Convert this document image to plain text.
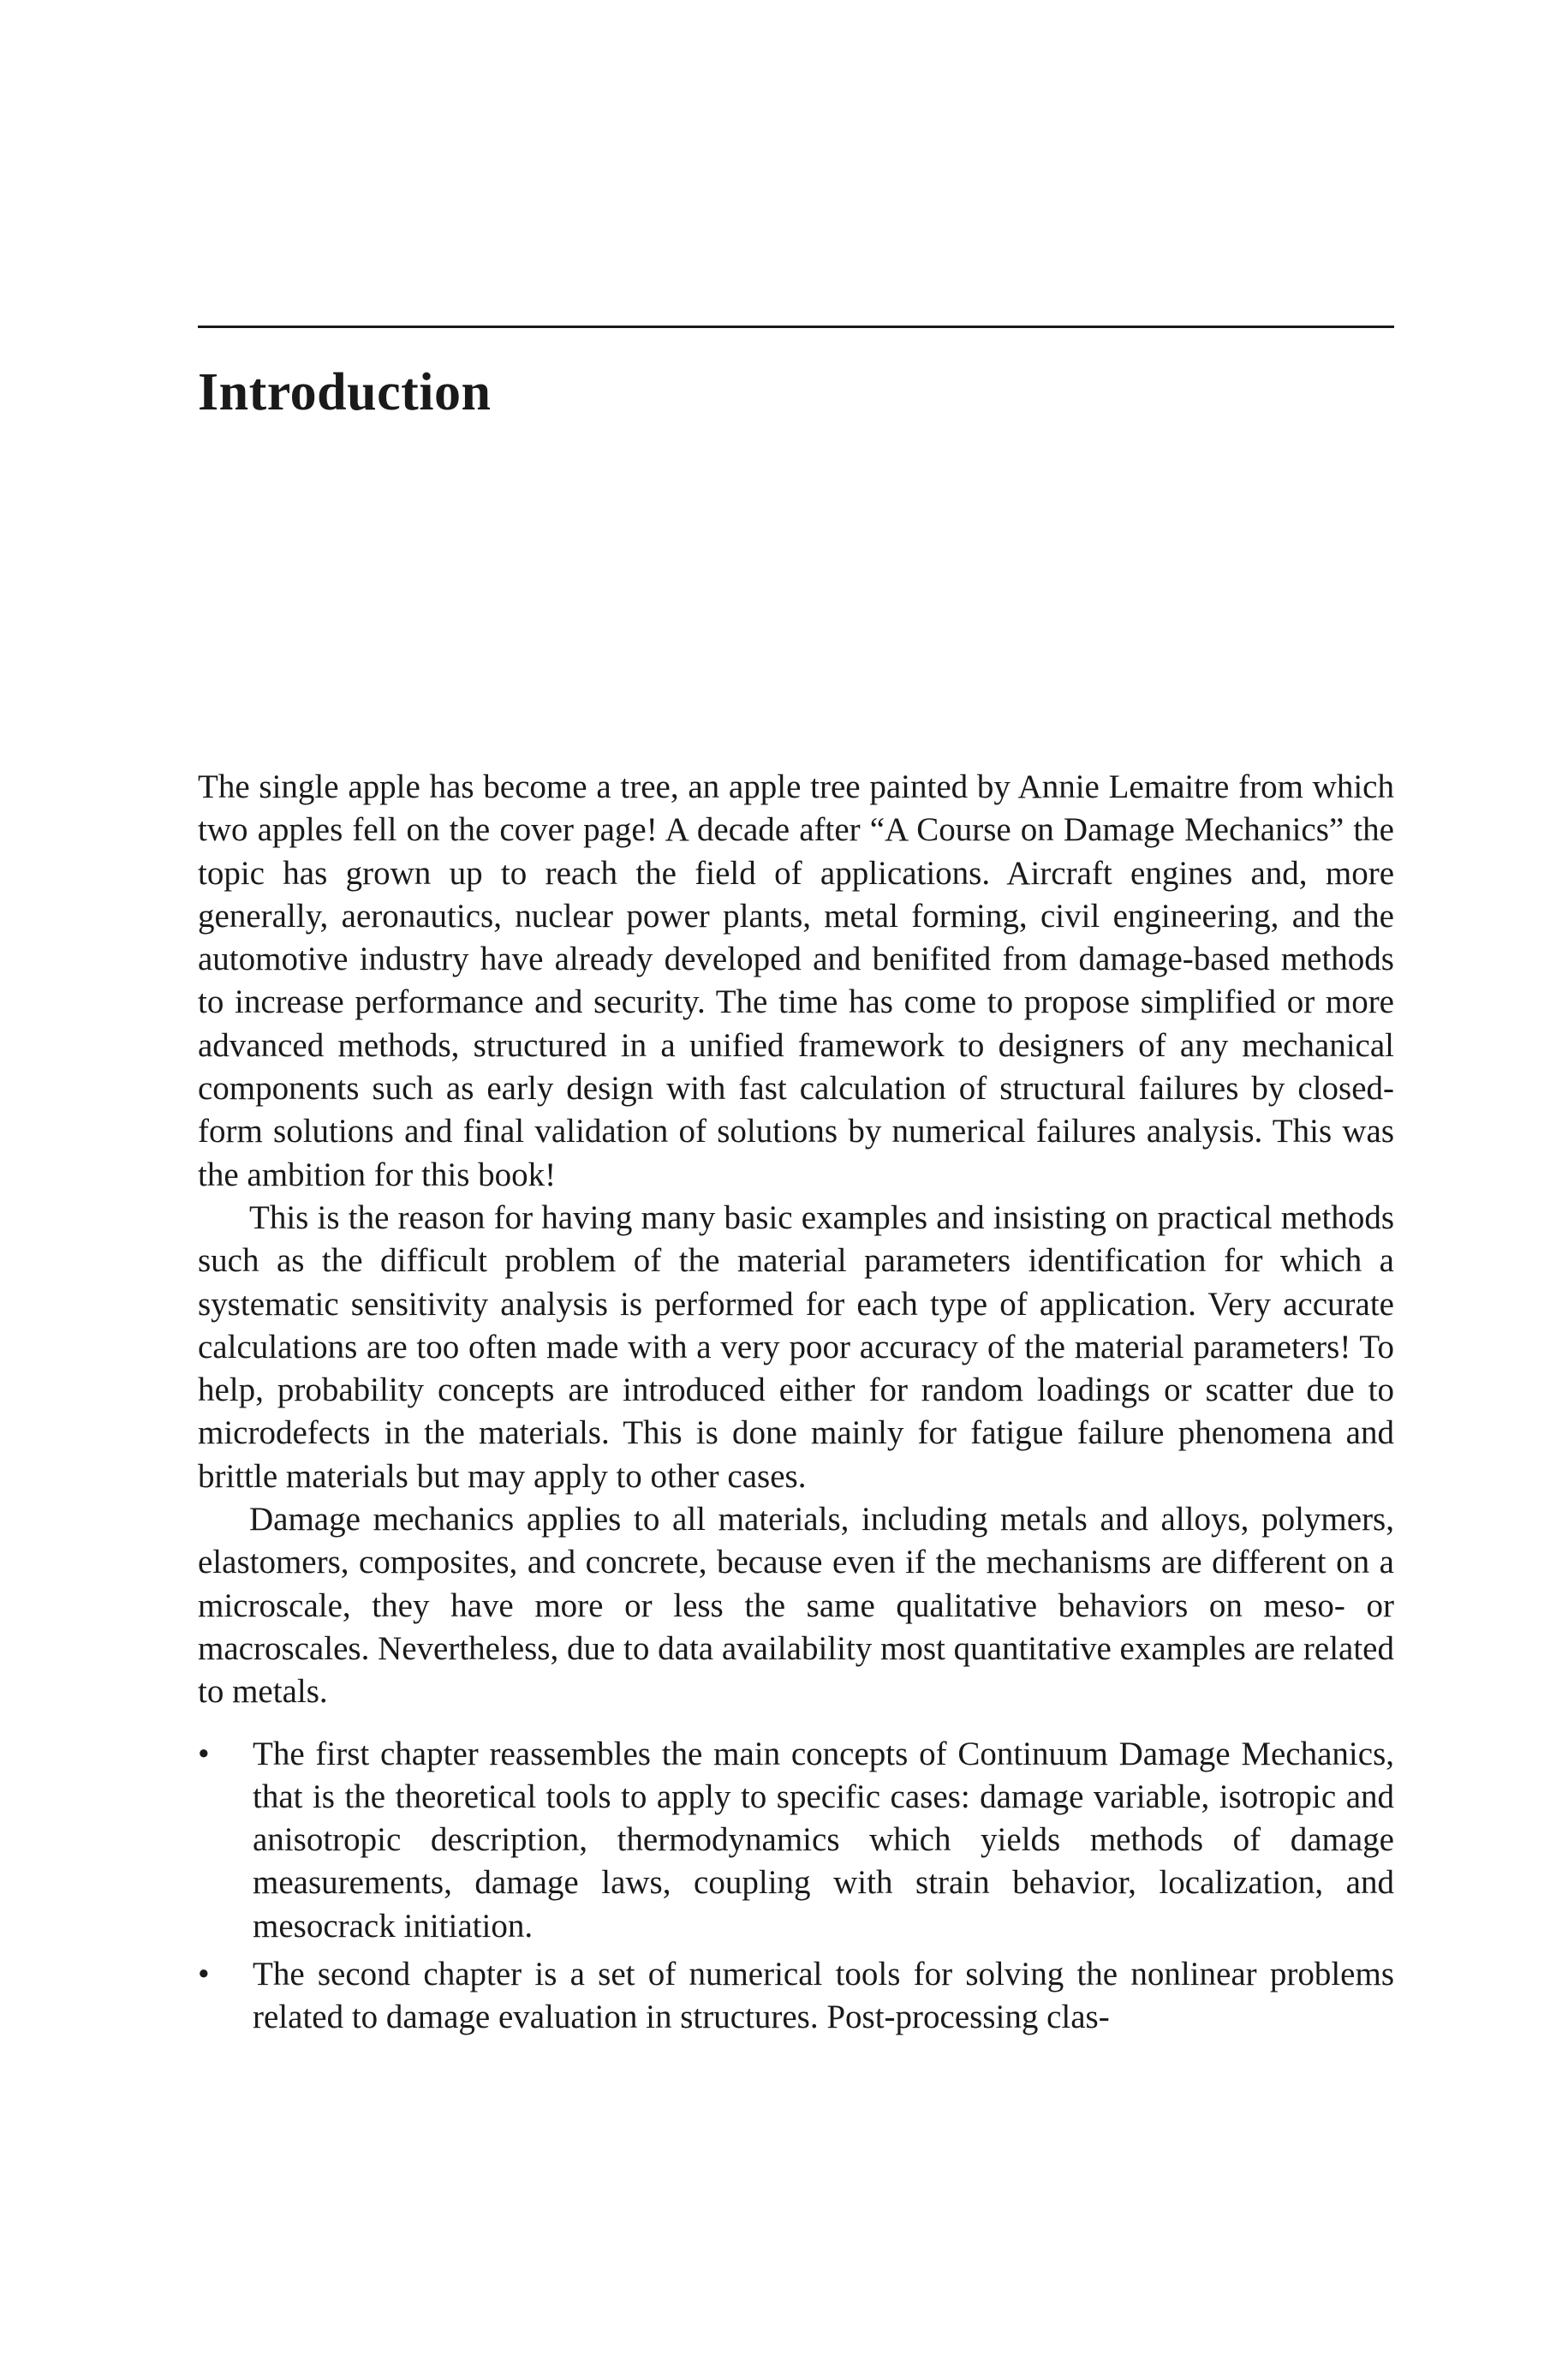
Introduction

The single apple has become a tree, an apple tree painted by Annie Lemaitre from which two apples fell on the cover page! A decade after “A Course on Damage Mechanics” the topic has grown up to reach the field of applications. Aircraft engines and, more generally, aeronautics, nuclear power plants, metal forming, civil engineering, and the automotive industry have already developed and benifited from damage-based methods to increase performance and security. The time has come to propose simplified or more advanced methods, structured in a unified framework to designers of any mechanical components such as early design with fast calculation of structural failures by closed-form solutions and final validation of solutions by numerical failures analysis. This was the ambition for this book!

This is the reason for having many basic examples and insisting on practical methods such as the difficult problem of the material parameters identification for which a systematic sensitivity analysis is performed for each type of application. Very accurate calculations are too often made with a very poor accuracy of the material parameters! To help, probability concepts are introduced either for random loadings or scatter due to microdefects in the materials. This is done mainly for fatigue failure phenomena and brittle materials but may apply to other cases.

Damage mechanics applies to all materials, including metals and alloys, polymers, elastomers, composites, and concrete, because even if the mechanisms are different on a microscale, they have more or less the same qualitative behaviors on meso- or macroscales. Nevertheless, due to data availability most quantitative examples are related to metals.

•	The first chapter reassembles the main concepts of Continuum Damage Mechanics, that is the theoretical tools to apply to specific cases: damage variable, isotropic and anisotropic description, thermodynamics which yields methods of damage measurements, damage laws, coupling with strain behavior, localization, and mesocrack initiation.
•	The second chapter is a set of numerical tools for solving the nonlinear problems related to damage evaluation in structures. Post-processing clas-
